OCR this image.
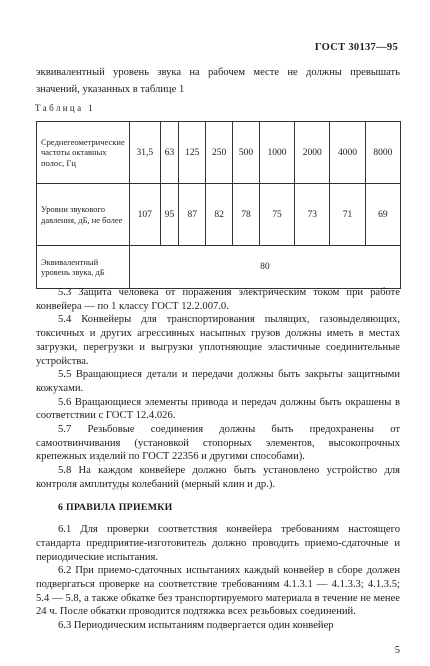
ГОСТ 30137—95
эквивалентный уровень звука на рабочем месте не должны превышать значений, указанных в таблице 1
Таблица 1
Среднегеометрические частоты октавных полос, Гц	31,5	63	125	250	500	1000	2000	4000	8000
Уровни звукового давления, дБ, не более	107	95	87	82	78	75	73	71	69
Эквивалентный уровень звука, дБ	80								

5.3 Защита человека от поражения электрическим током при работе конвейера — по 1 классу ГОСТ 12.2.007.0.

5.4 Конвейеры для транспортирования пылящих, газовыделяющих, токсичных и других агрессивных насыпных грузов должны иметь в местах загрузки, перегрузки и выгрузки уплотняющие эластичные соединительные устройства.

5.5 Вращающиеся детали и передачи должны быть закрыты защитными кожухами.

5.6 Вращающиеся элементы привода и передач должны быть окрашены в соответствии с ГОСТ 12.4.026.

5.7 Резьбовые соединения должны быть предохранены от самоотвинчивания (установкой стопорных элементов, высокопрочных крепежных изделий по ГОСТ 22356 и другими способами).

5.8 На каждом конвейере должно быть установлено устройство для контроля амплитуды колебаний (мерный клин и др.).

6 ПРАВИЛА ПРИЕМКИ

6.1 Для проверки соответствия конвейера требованиям настоящего стандарта предприятие-изготовитель должно проводить приемо-сдаточные и периодические испытания.

6.2 При приемо-сдаточных испытаниях каждый конвейер в сборе должен подвергаться проверке на соответствие требованиям 4.1.3.1 — 4.1.3.3; 4.1.3.5; 5.4 — 5.8, а также обкатке без транспортируемого материала в течение не менее 24 ч. После обкатки проводится подтяжка всех резьбовых соединений.

6.3 Периодическим испытаниям подвергается один конвейер

5
